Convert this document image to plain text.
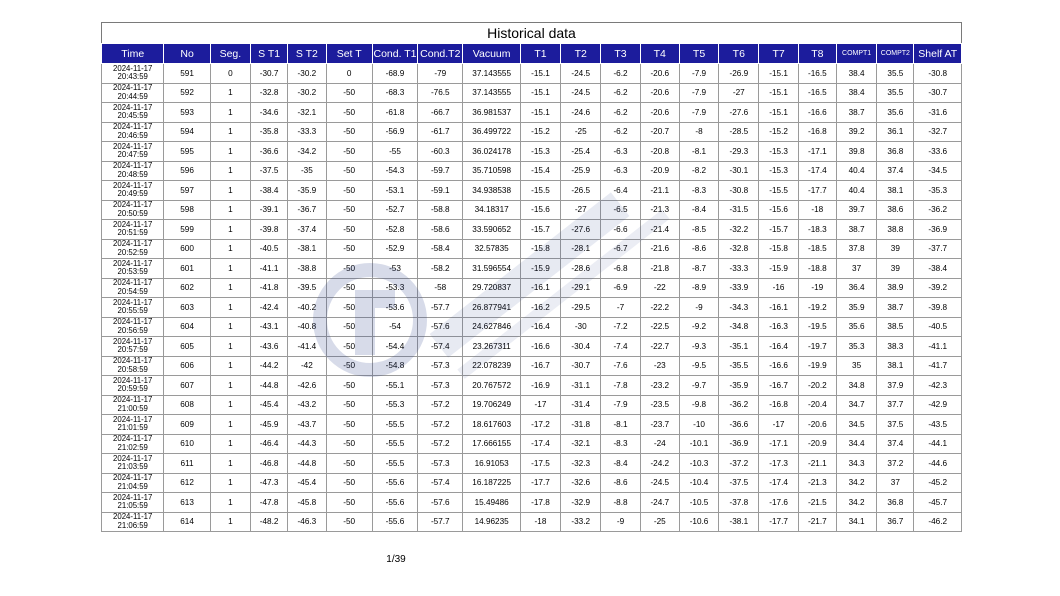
Historical data
Time	No	Seg.	S T1	S T2	Set T	Cond. T1	Cond.T2	Vacuum	T1	T2	T3	T4	T5	T6	T7	T8	COMPT1	COMPT2	Shelf AT

2024-11-17
20:43:59	591	0	-30.7	-30.2	0	-68.9	-79	37.143555	-15.1	-24.5	-6.2	-20.6	-7.9	-26.9	-15.1	-16.5	38.4	35.5	-30.8

2024-11-17
20:44:59	592	1	-32.8	-30.2	-50	-68.3	-76.5	37.143555	-15.1	-24.5	-6.2	-20.6	-7.9	-27	-15.1	-16.5	38.4	35.5	-30.7

2024-11-17
20:45:59	593	1	-34.6	-32.1	-50	-61.8	-66.7	36.981537	-15.1	-24.6	-6.2	-20.6	-7.9	-27.6	-15.1	-16.6	38.7	35.6	-31.6

2024-11-17
20:46:59	594	1	-35.8	-33.3	-50	-56.9	-61.7	36.499722	-15.2	-25	-6.2	-20.7	-8	-28.5	-15.2	-16.8	39.2	36.1	-32.7

2024-11-17
20:47:59	595	1	-36.6	-34.2	-50	-55	-60.3	36.024178	-15.3	-25.4	-6.3	-20.8	-8.1	-29.3	-15.3	-17.1	39.8	36.8	-33.6

2024-11-17
20:48:59	596	1	-37.5	-35	-50	-54.3	-59.7	35.710598	-15.4	-25.9	-6.3	-20.9	-8.2	-30.1	-15.3	-17.4	40.4	37.4	-34.5

2024-11-17
20:49:59	597	1	-38.4	-35.9	-50	-53.1	-59.1	34.938538	-15.5	-26.5	-6.4	-21.1	-8.3	-30.8	-15.5	-17.7	40.4	38.1	-35.3

2024-11-17
20:50:59	598	1	-39.1	-36.7	-50	-52.7	-58.8	34.18317	-15.6	-27	-6.5	-21.3	-8.4	-31.5	-15.6	-18	39.7	38.6	-36.2

2024-11-17
20:51:59	599	1	-39.8	-37.4	-50	-52.8	-58.6	33.590652	-15.7	-27.6	-6.6	-21.4	-8.5	-32.2	-15.7	-18.3	38.7	38.8	-36.9

2024-11-17
20:52:59	600	1	-40.5	-38.1	-50	-52.9	-58.4	32.57835	-15.8	-28.1	-6.7	-21.6	-8.6	-32.8	-15.8	-18.5	37.8	39	-37.7

2024-11-17
20:53:59	601	1	-41.1	-38.8	-50	-53	-58.2	31.596554	-15.9	-28.6	-6.8	-21.8	-8.7	-33.3	-15.9	-18.8	37	39	-38.4

2024-11-17
20:54:59	602	1	-41.8	-39.5	-50	-53.3	-58	29.720837	-16.1	-29.1	-6.9	-22	-8.9	-33.9	-16	-19	36.4	38.9	-39.2

2024-11-17
20:55:59	603	1	-42.4	-40.2	-50	-53.6	-57.7	26.877941	-16.2	-29.5	-7	-22.2	-9	-34.3	-16.1	-19.2	35.9	38.7	-39.8

2024-11-17
20:56:59	604	1	-43.1	-40.8	-50	-54	-57.6	24.627846	-16.4	-30	-7.2	-22.5	-9.2	-34.8	-16.3	-19.5	35.6	38.5	-40.5

2024-11-17
20:57:59	605	1	-43.6	-41.4	-50	-54.4	-57.4	23.267311	-16.6	-30.4	-7.4	-22.7	-9.3	-35.1	-16.4	-19.7	35.3	38.3	-41.1

2024-11-17
20:58:59	606	1	-44.2	-42	-50	-54.8	-57.3	22.078239	-16.7	-30.7	-7.6	-23	-9.5	-35.5	-16.6	-19.9	35	38.1	-41.7

2024-11-17
20:59:59	607	1	-44.8	-42.6	-50	-55.1	-57.3	20.767572	-16.9	-31.1	-7.8	-23.2	-9.7	-35.9	-16.7	-20.2	34.8	37.9	-42.3

2024-11-17
21:00:59	608	1	-45.4	-43.2	-50	-55.3	-57.2	19.706249	-17	-31.4	-7.9	-23.5	-9.8	-36.2	-16.8	-20.4	34.7	37.7	-42.9

2024-11-17
21:01:59	609	1	-45.9	-43.7	-50	-55.5	-57.2	18.617603	-17.2	-31.8	-8.1	-23.7	-10	-36.6	-17	-20.6	34.5	37.5	-43.5

2024-11-17
21:02:59	610	1	-46.4	-44.3	-50	-55.5	-57.2	17.666155	-17.4	-32.1	-8.3	-24	-10.1	-36.9	-17.1	-20.9	34.4	37.4	-44.1

2024-11-17
21:03:59	611	1	-46.8	-44.8	-50	-55.5	-57.3	16.91053	-17.5	-32.3	-8.4	-24.2	-10.3	-37.2	-17.3	-21.1	34.3	37.2	-44.6

2024-11-17
21:04:59	612	1	-47.3	-45.4	-50	-55.6	-57.4	16.187225	-17.7	-32.6	-8.6	-24.5	-10.4	-37.5	-17.4	-21.3	34.2	37	-45.2

2024-11-17
21:05:59	613	1	-47.8	-45.8	-50	-55.6	-57.6	15.49486	-17.8	-32.9	-8.8	-24.7	-10.5	-37.8	-17.6	-21.5	34.2	36.8	-45.7

2024-11-17
21:06:59	614	1	-48.2	-46.3	-50	-55.6	-57.7	14.96235	-18	-33.2	-9	-25	-10.6	-38.1	-17.7	-21.7	34.1	36.7	-46.2
1/39
